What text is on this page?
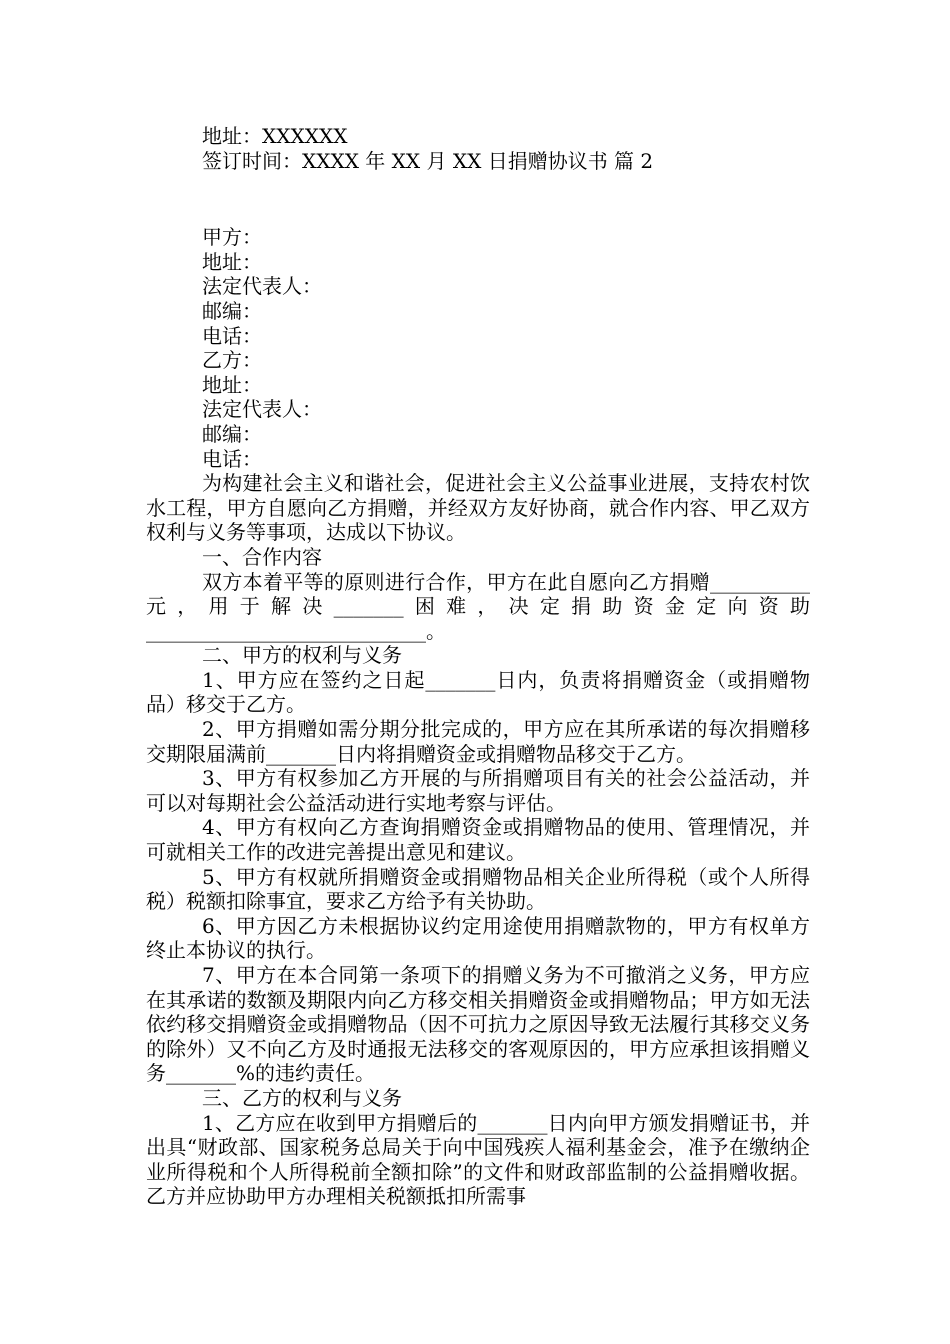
地址：XXXXXX

签订时间：XXXX 年 XX 月 XX 日捐赠协议书 篇 2

甲方：

地址：

法定代表人：

邮编：

电话：

乙方：

地址：

法定代表人：

邮编：

电话：

为构建社会主义和谐社会，促进社会主义公益事业进展，支持农村饮水工程，甲方自愿向乙方捐赠，并经双方友好协商，就合作内容、甲乙双方权利与义务等事项，达成以下协议。

一、合作内容

双方本着平等的原则进行合作，甲方在此自愿向乙方捐赠__________元，用于解决_______困难，决定捐助资金定向资助____________________________。

二、甲方的权利与义务

1、甲方应在签约之日起_______日内，负责将捐赠资金（或捐赠物品）移交于乙方。

2、甲方捐赠如需分期分批完成的，甲方应在其所承诺的每次捐赠移交期限届满前_______日内将捐赠资金或捐赠物品移交于乙方。

3、甲方有权参加乙方开展的与所捐赠项目有关的社会公益活动，并可以对每期社会公益活动进行实地考察与评估。

4、甲方有权向乙方查询捐赠资金或捐赠物品的使用、管理情况，并可就相关工作的改进完善提出意见和建议。

5、甲方有权就所捐赠资金或捐赠物品相关企业所得税（或个人所得税）税额扣除事宜，要求乙方给予有关协助。

6、甲方因乙方未根据协议约定用途使用捐赠款物的，甲方有权单方终止本协议的执行。

7、甲方在本合同第一条项下的捐赠义务为不可撤消之义务，甲方应在其承诺的数额及期限内向乙方移交相关捐赠资金或捐赠物品；甲方如无法依约移交捐赠资金或捐赠物品（因不可抗力之原因导致无法履行其移交义务的除外）又不向乙方及时通报无法移交的客观原因的，甲方应承担该捐赠义务_______%的违约责任。

三、乙方的权利与义务

1、乙方应在收到甲方捐赠后的_______日内向甲方颁发捐赠证书，并出具“财政部、国家税务总局关于向中国残疾人福利基金会，准予在缴纳企业所得税和个人所得税前全额扣除”的文件和财政部监制的公益捐赠收据。乙方并应协助甲方办理相关税额抵扣所需事
